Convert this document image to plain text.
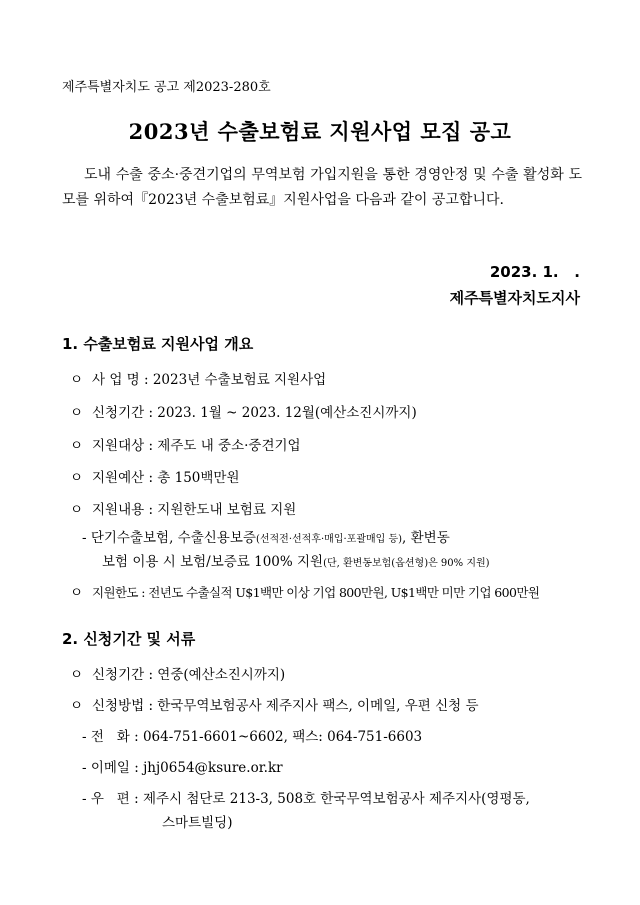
제주특별자치도 공고 제2023-280호
2023년 수출보험료 지원사업 모집 공고
도내 수출 중소·중견기업의 무역보험 가입지원을 통한 경영안정 및 수출 활성화 도모를 위하여『2023년 수출보험료』지원사업을 다음과 같이 공고합니다.
2023. 1.   .
제주특별자치도지사
1. 수출보험료 지원사업 개요
ㅇ 사 업 명 : 2023년 수출보험료 지원사업
ㅇ 신청기간 : 2023. 1월 ~ 2023. 12월(예산소진시까지)
ㅇ 지원대상 : 제주도 내 중소·중견기업
ㅇ 지원예산 : 총 150백만원
ㅇ 지원내용 : 지원한도내 보험료 지원
- 단기수출보험, 수출신용보증(선적전·선적후·매입·포괄매입 등), 환변동
보험 이용 시 보험/보증료 100% 지원(단, 환변동보험(옵션형)은 90% 지원)
ㅇ 지원한도 : 전년도 수출실적 U$1백만 이상 기업 800만원, U$1백만 미만 기업 600만원
2. 신청기간 및 서류
ㅇ 신청기간 : 연중(예산소진시까지)
ㅇ 신청방법 : 한국무역보험공사 제주지사 팩스, 이메일, 우편 신청 등
- 전   화 : 064-751-6601~6602, 팩스: 064-751-6603
- 이메일 : jhj0654@ksure.or.kr
- 우   편 : 제주시 첨단로 213-3, 508호 한국무역보험공사 제주지사(영평동,
스마트빌딩)
